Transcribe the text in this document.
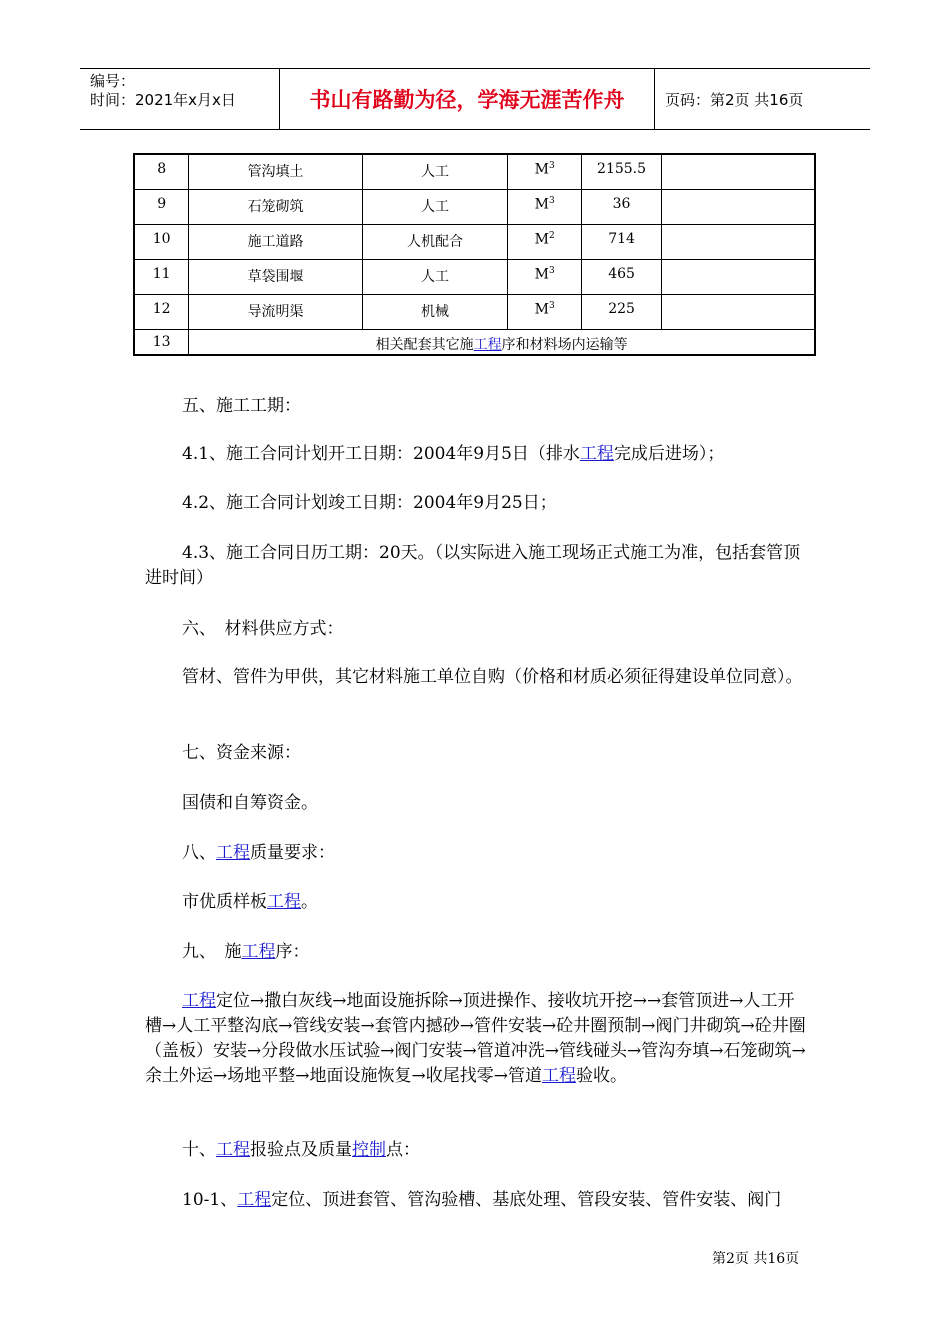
编号：
时间：2021年x月x日	书山有路勤为径，学海无涯苦作舟	页码：第2页 共16页
8	管沟填土	人工	$M^3$	2155.5	
9	石笼砌筑	人工	$M^3$	36	
10	施工道路	人机配合	$M^2$	714	
11	草袋围堰	人工	$M^3$	465	
12	导流明渠	机械	$M^3$	225	
13	相关配套其它施工程序和材料场内运输等				
五、施工工期：
4.1、施工合同计划开工日期：2004年9月5日（排水工程完成后进场）；
4.2、施工合同计划竣工日期：2004年9月25日；
4.3、施工合同日历工期：20天。（以实际进入施工现场正式施工为准，包括套管顶进时间）
六、　材料供应方式：
管材、管件为甲供，其它材料施工单位自购（价格和材质必须征得建设单位同意）。
七、资金来源：
国债和自筹资金。
八、工程质量要求：
市优质样板工程。
九、　施工程序：
工程定位→撒白灰线→地面设施拆除→顶进操作、接收坑开挖→→套管顶进→人工开槽→人工平整沟底→管线安装→套管内撼砂→管件安装→砼井圈预制→阀门井砌筑→砼井圈（盖板）安装→分段做水压试验→阀门安装→管道冲洗→管线碰头→管沟夯填→石笼砌筑→余土外运→场地平整→地面设施恢复→收尾找零→管道工程验收。
十、工程报验点及质量控制点：
10-1、工程定位、顶进套管、管沟验槽、基底处理、管段安装、管件安装、阀门
第2页 共16页
